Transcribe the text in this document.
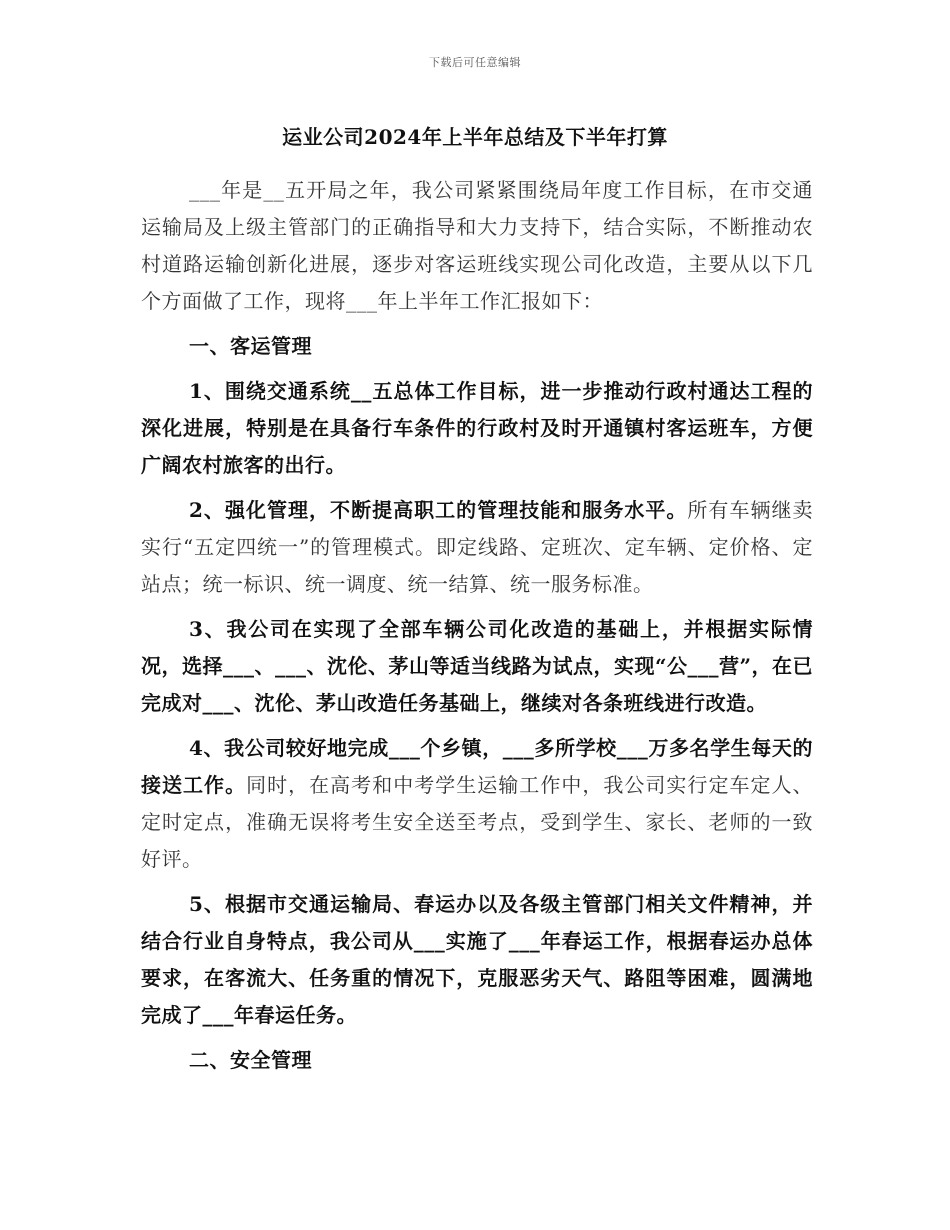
下载后可任意编辑
运业公司2024年上半年总结及下半年打算

___年是__五开局之年，我公司紧紧围绕局年度工作目标，在市交通运输局及上级主管部门的正确指导和大力支持下，结合实际，不断推动农村道路运输创新化进展，逐步对客运班线实现公司化改造，主要从以下几个方面做了工作，现将___年上半年工作汇报如下：

一、客运管理

1、围绕交通系统__五总体工作目标，进一步推动行政村通达工程的深化进展，特别是在具备行车条件的行政村及时开通镇村客运班车，方便广阔农村旅客的出行。

2、强化管理，不断提高职工的管理技能和服务水平。所有车辆继卖实行“五定四统一”的管理模式。即定线路、定班次、定车辆、定价格、定站点；统一标识、统一调度、统一结算、统一服务标准。

3、我公司在实现了全部车辆公司化改造的基础上，并根据实际情况，选择___、___、沈伦、茅山等适当线路为试点，实现“公___营”，在已完成对___、沈伦、茅山改造任务基础上，继续对各条班线进行改造。

4、我公司较好地完成___个乡镇，___多所学校___万多名学生每天的接送工作。同时，在高考和中考学生运输工作中，我公司实行定车定人、定时定点，准确无误将考生安全送至考点，受到学生、家长、老师的一致好评。

5、根据市交通运输局、春运办以及各级主管部门相关文件精神，并结合行业自身特点，我公司从___实施了___年春运工作，根据春运办总体要求，在客流大、任务重的情况下，克服恶劣天气、路阻等困难，圆满地完成了___年春运任务。

二、安全管理
